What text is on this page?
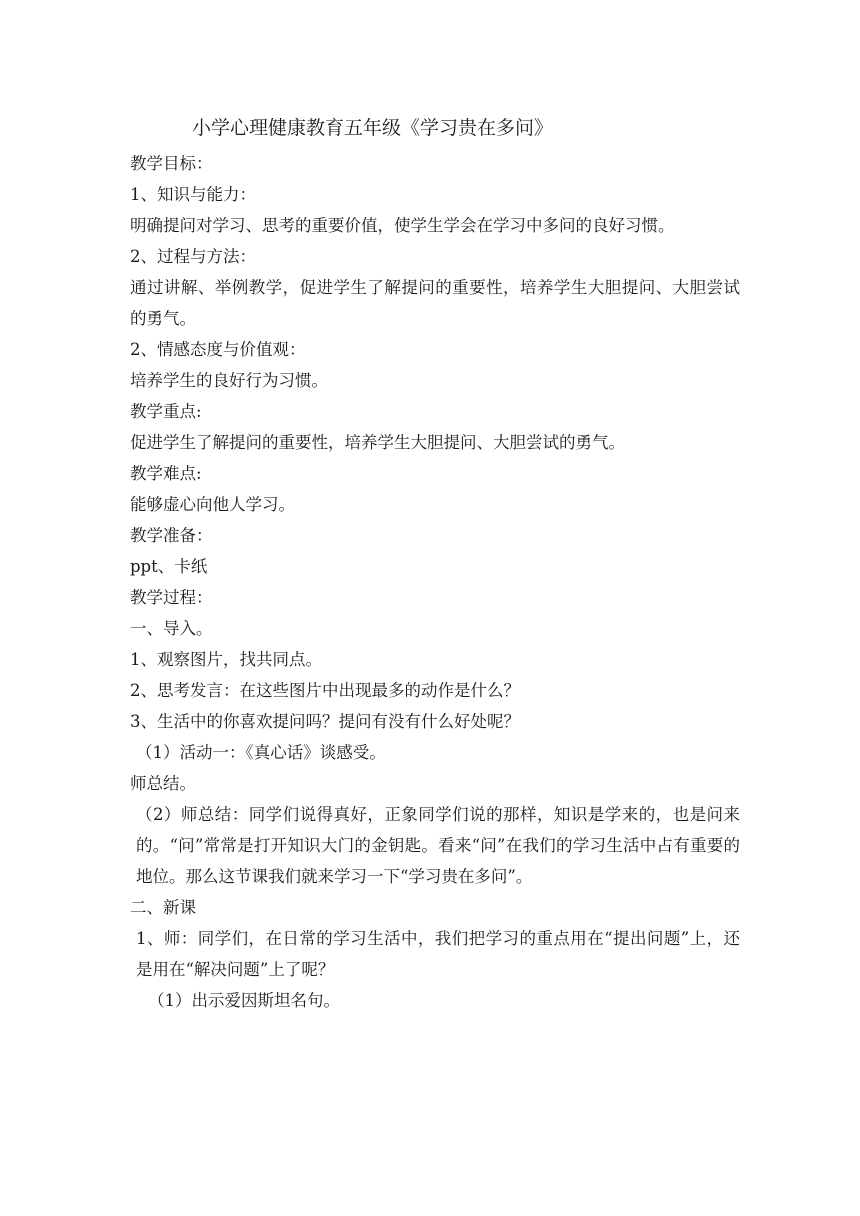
小学心理健康教育五年级《学习贵在多问》
教学目标：
1、知识与能力：
明确提问对学习、思考的重要价值，使学生学会在学习中多问的良好习惯。
2、过程与方法：
通过讲解、举例教学，促进学生了解提问的重要性，培养学生大胆提问、大胆尝试的勇气。
2、情感态度与价值观：
培养学生的良好行为习惯。
教学重点:
促进学生了解提问的重要性，培养学生大胆提问、大胆尝试的勇气。
教学难点:
能够虚心向他人学习。
教学准备：
ppt、卡纸
教学过程：
一、导入。
1、观察图片，找共同点。
2、思考发言：在这些图片中出现最多的动作是什么？
3、生活中的你喜欢提问吗？提问有没有什么好处呢？
（1）活动一：《真心话》谈感受。
师总结。
（2）师总结：同学们说得真好，正象同学们说的那样，知识是学来的，也是问来的。“问”常常是打开知识大门的金钥匙。看来“问”在我们的学习生活中占有重要的地位。那么这节课我们就来学习一下“学习贵在多问”。
二、新课
1、师：同学们，在日常的学习生活中，我们把学习的重点用在“提出问题”上，还是用在“解决问题”上了呢？
（1）出示爱因斯坦名句。
